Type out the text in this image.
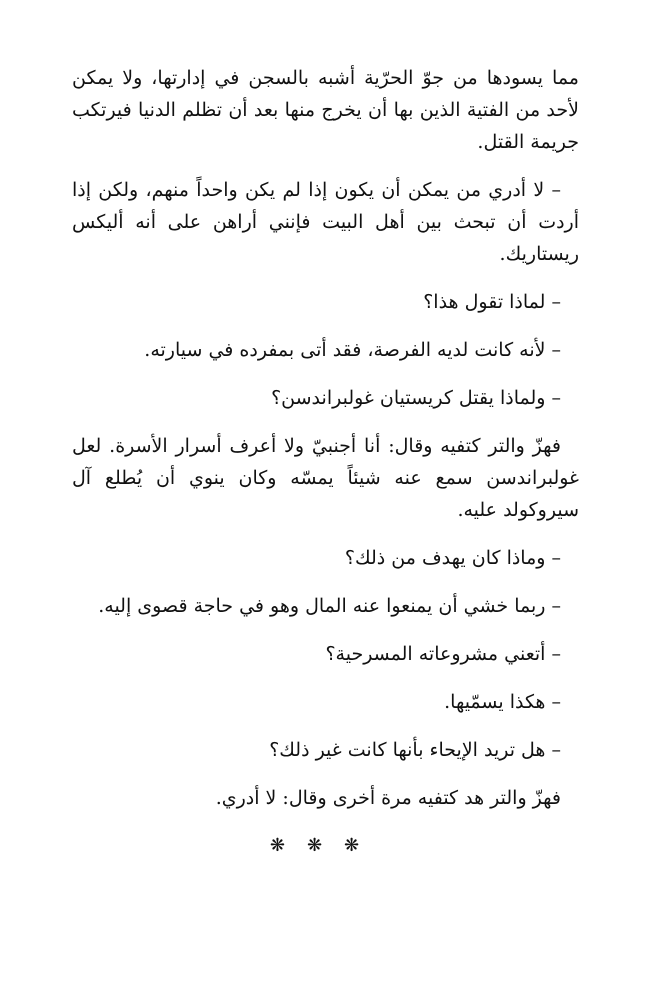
مما يسودها من جوّ الحرّية أشبه بالسجن في إدارتها، ولا يمكن لأحد من الفتية الذين بها أن يخرج منها بعد أن تظلم الدنيا فيرتكب جريمة القتل.

– لا أدري من يمكن أن يكون إذا لم يكن واحداً منهم، ولكن إذا أردت أن تبحث بين أهل البيت فإنني أراهن على أنه أليكس ريستاريك.

– لماذا تقول هذا؟

– لأنه كانت لديه الفرصة، فقد أتى بمفرده في سيارته.

– ولماذا يقتل كريستيان غولبراندسن؟

فهزّ والتر كتفيه وقال: أنا أجنبيّ ولا أعرف أسرار الأسرة. لعل غولبراندسن سمع عنه شيئاً يمسّه وكان ينوي أن يُطلع آل سيروكولد عليه.

– وماذا كان يهدف من ذلك؟

– ربما خشي أن يمنعوا عنه المال وهو في حاجة قصوى إليه.

– أتعني مشروعاته المسرحية؟

– هكذا يسمّيها.

– هل تريد الإيحاء بأنها كانت غير ذلك؟

فهزّ والتر هد كتفيه مرة أخرى وقال: لا أدري.

❋❋❋
